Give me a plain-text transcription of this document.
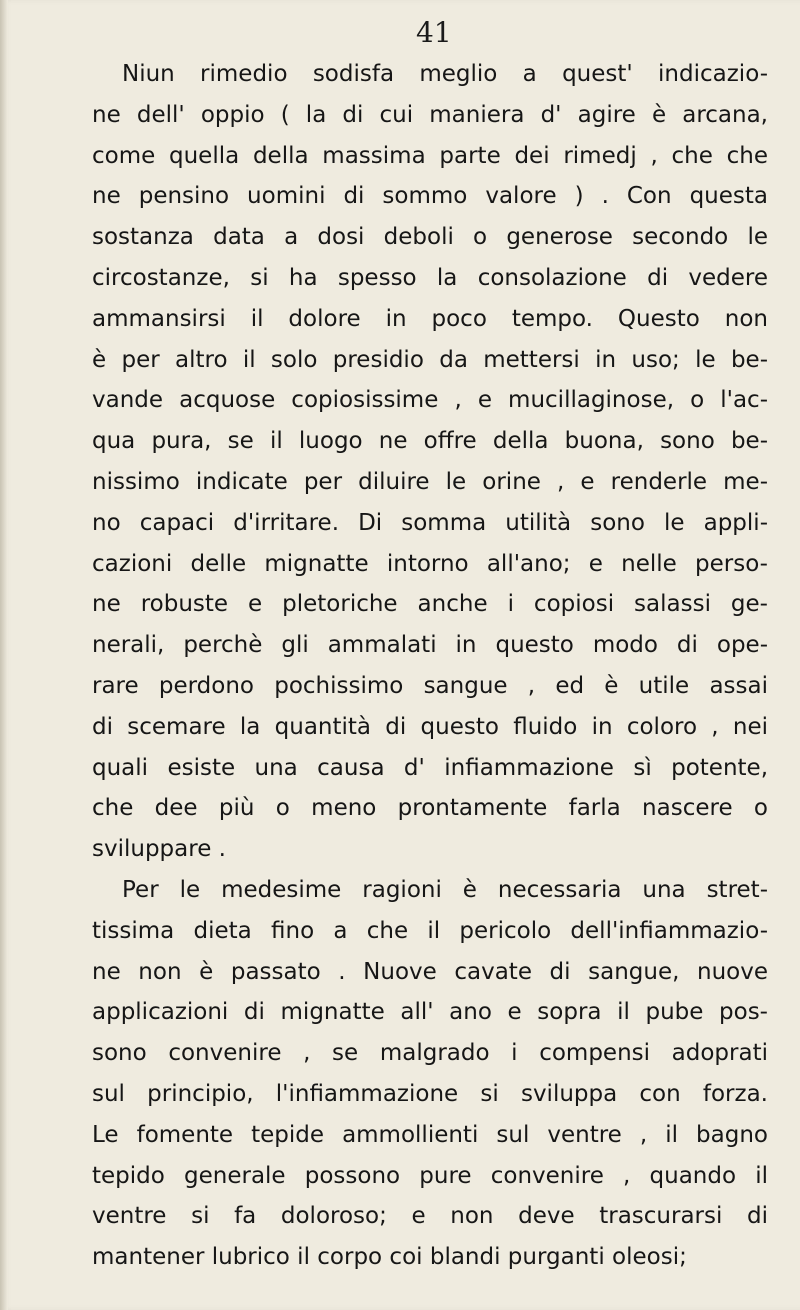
41

Niun rimedio sodisfa meglio a quest' indicazio-
ne dell' oppio ( la di cui maniera d' agire è arcana,
come quella della massima parte dei rimedj , che che
ne pensino uomini di sommo valore ) . Con questa
sostanza data a dosi deboli o generose secondo le
circostanze, si ha spesso la consolazione di vedere
ammansirsi il dolore in poco tempo. Questo non
è per altro il solo presidio da mettersi in uso; le be-
vande acquose copiosissime , e mucillaginose, o l'ac-
qua pura, se il luogo ne offre della buona, sono be-
nissimo indicate per diluire le orine , e renderle me-
no capaci d'irritare. Di somma utilità sono le appli-
cazioni delle mignatte intorno all'ano; e nelle perso-
ne robuste e pletoriche anche i copiosi salassi ge-
nerali, perchè gli ammalati in questo modo di ope-
rare perdono pochissimo sangue , ed è utile assai
di scemare la quantità di questo fluido in coloro , nei
quali esiste una causa d' infiammazione sì potente,
che dee più o meno prontamente farla nascere o
sviluppare .
Per le medesime ragioni è necessaria una stret-
tissima dieta fino a che il pericolo dell'infiammazio-
ne non è passato . Nuove cavate di sangue, nuove
applicazioni di mignatte all' ano e sopra il pube pos-
sono convenire , se malgrado i compensi adoprati
sul principio, l'infiammazione si sviluppa con forza.
Le fomente tepide ammollienti sul ventre , il bagno
tepido generale possono pure convenire , quando il
ventre si fa doloroso; e non deve trascurarsi di
mantener lubrico il corpo coi blandi purganti oleosi;
